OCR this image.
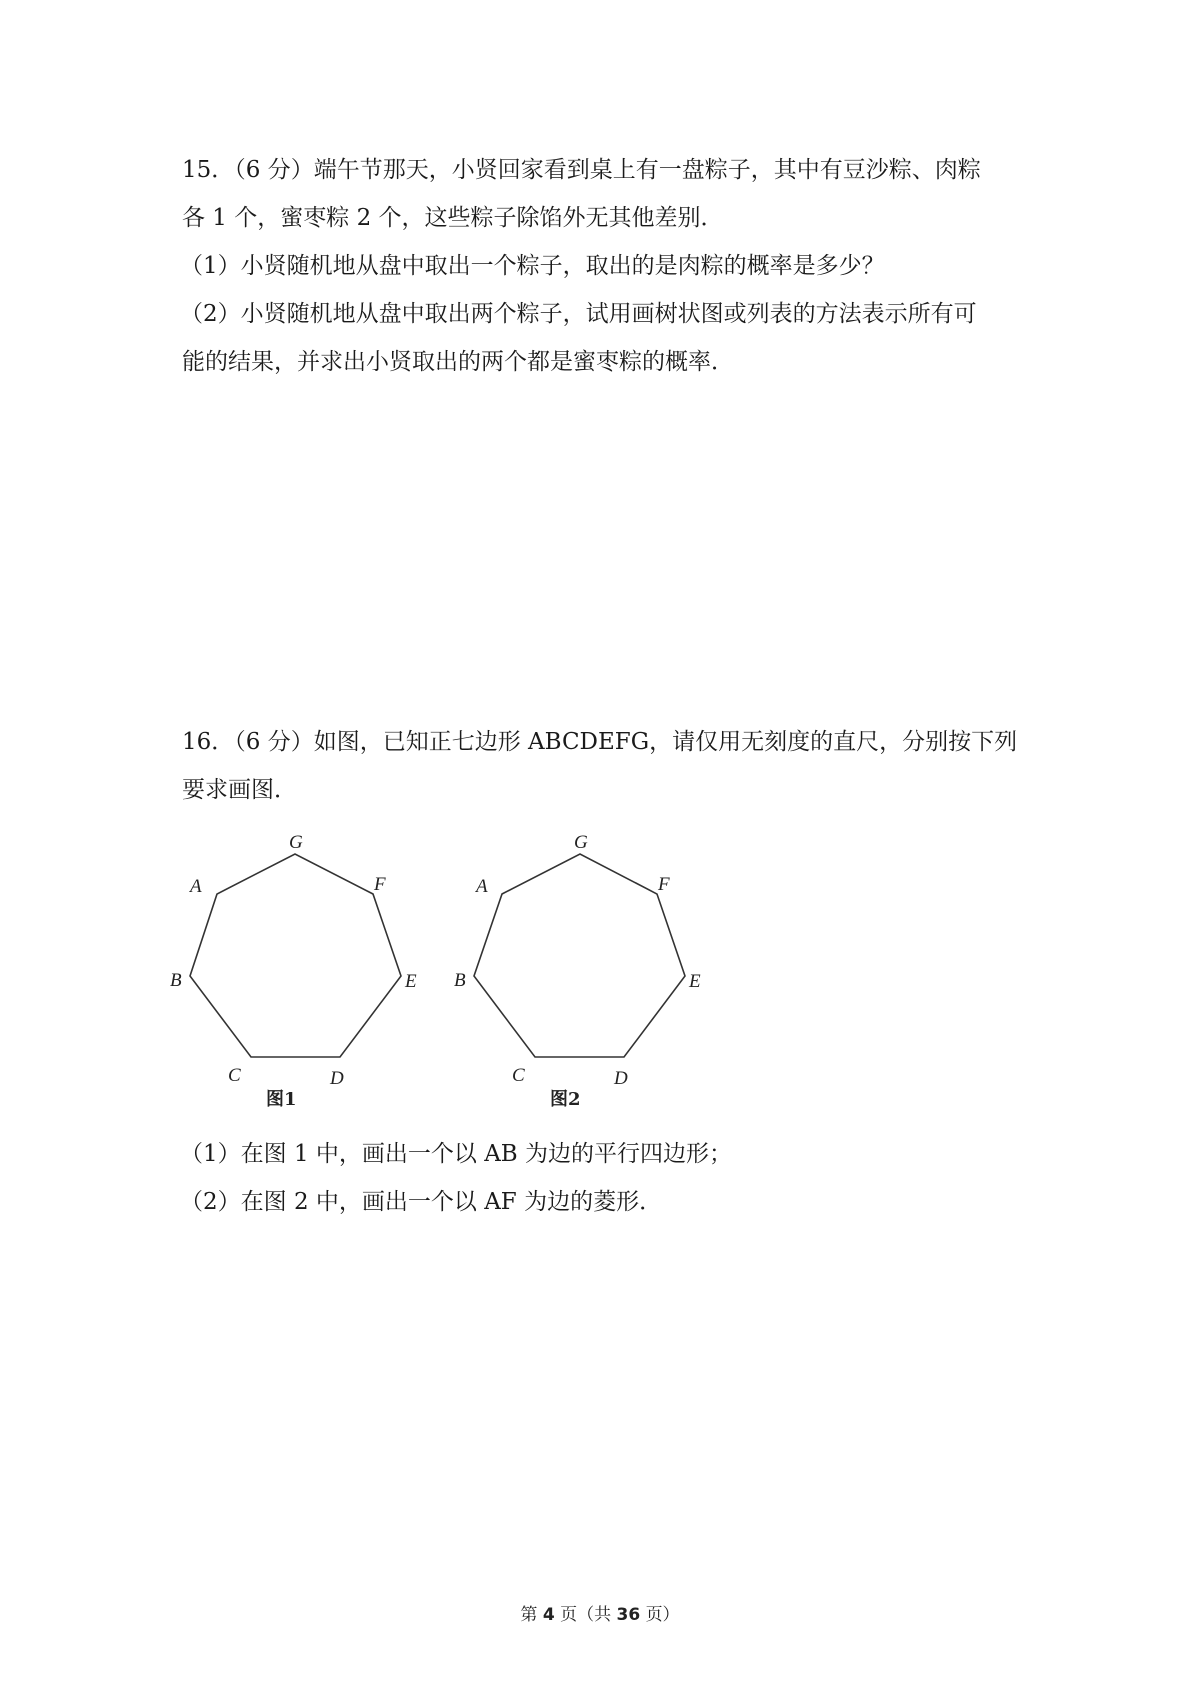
15．（6 分）端午节那天，小贤回家看到桌上有一盘粽子，其中有豆沙粽、肉粽

各 1 个，蜜枣粽 2 个，这些粽子除馅外无其他差别．

（1）小贤随机地从盘中取出一个粽子，取出的是肉粽的概率是多少？

（2）小贤随机地从盘中取出两个粽子，试用画树状图或列表的方法表示所有可

能的结果，并求出小贤取出的两个都是蜜枣粽的概率．

16．（6 分）如图，已知正七边形 ABCDEFG，请仅用无刻度的直尺，分别按下列

要求画图．

A
B
C	D
E
F
G
图1
A
B
C	D
E
F
G
图2

（1）在图 1 中，画出一个以 AB 为边的平行四边形；

（2）在图 2 中，画出一个以 AF 为边的菱形．

第 4 页（共 36 页）
